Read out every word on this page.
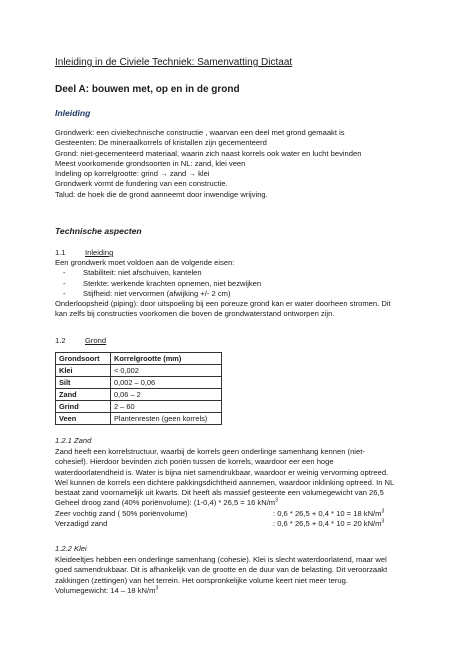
Inleiding in de Civiele Techniek: Samenvatting Dictaat
Deel A: bouwen met, op en in de grond
Inleiding
Grondwerk: een civieltechnische constructie , waarvan een deel met grond gemaakt is
Gesteenten: De mineraalkorrels of kristallen zijn gecementeerd
Grond: niet-gecementeerd materiaal, waarin zich naast korrels ook water en lucht bevinden
Meest voorkomende grondsoorten in NL: zand, klei veen
Indeling op korrelgrootte: grind → zand → klei
Grondwerk vormt de fundering van een constructie.
Talud: de hoek die de grond aanneemt door inwendige wrijving.
Technische aspecten
1.1	Inleiding
Een grondwerk moet voldoen aan de volgende eisen:
- Stabiliteit: niet afschuiven, kantelen
- Sterkte: werkende krachten opnemen, niet bezwijken
- Stijfheid: niet vervormen (afwijking +/- 2 cm)
Onderloopsheid (piping): door uitspoeling bij een poreuze grond kan er water doorheen stromen. Dit
kan zelfs bij constructies voorkomen die boven de grondwaterstand ontworpen zijn.
1.2	Grond
Grondsoort	Korrelgrootte (mm)
Klei	< 0,002
Silt	0,002 – 0,06
Zand	0,06 – 2
Grind	2 – 60
Veen	Plantenresten (geen korrels)
1.2.1 Zand
Zand heeft een korrelstructuur, waarbij de korrels geen onderlinge samenhang kennen (niet-
cohesief). Hierdoor bevinden zich poriën tussen de korrels, waardoor eer een hoge
waterdoorlatendheid is. Water is bijna niet samendrukbaar, waardoor er weinig vervorming optreed.
Wel kunnen de korrels een dichtere pakkingsdichtheid aannemen, waardoor inklinking optreed. In NL
bestaat zand voornamelijk uit kwarts. Dit heeft als massief gesteente een volumegewicht van 26,5
Geheel droog zand (40% poriënvolume): (1-0,4) * 26,5 = 16 $kN/m^3$
Zeer vochtig zand ( 50% poriënvolume)	: 0,6 * 26,5 + 0,4 * 10 = 18 $kN/m^3$
Verzadigd zand	: 0,6 * 26,5 + 0,4 * 10 = 20 $kN/m^3$
1.2.2 Klei
Kleideeltjes hebben een onderlinge samenhang (cohesie). Klei is slecht waterdoorlatend, maar wel
goed samendrukbaar. Dit is afhankelijk van de grootte en de duur van de belasting. Dit veroorzaakt
zakkingen (zettingen) van het terrein. Het oorspronkelijke volume keert niet meer terug.
Volumegewicht: 14 – 18 $kN/m^3$
